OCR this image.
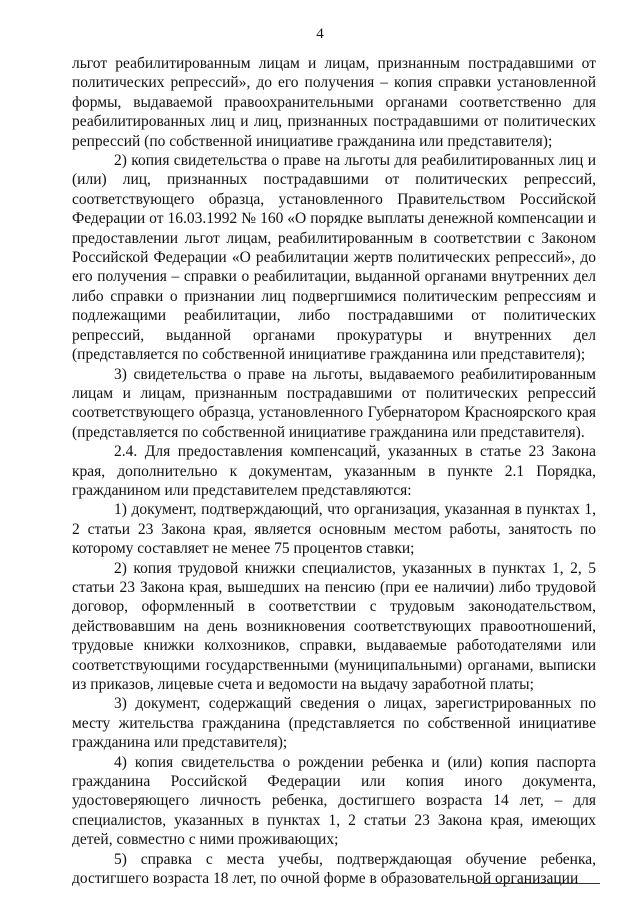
4

льгот реабилитированным лицам и лицам, признанным пострадавшими от политических репрессий», до его получения – копия справки установленной формы, выдаваемой правоохранительными органами соответственно для реабилитированных лиц и лиц, признанных пострадавшими от политических репрессий (по собственной инициативе гражданина или представителя);

2) копия свидетельства о праве на льготы для реабилитированных лиц и (или) лиц, признанных пострадавшими от политических репрессий, соответствующего образца, установленного Правительством Российской Федерации от 16.03.1992 № 160 «О порядке выплаты денежной компенсации и предоставлении льгот лицам, реабилитированным в соответствии с Законом Российской Федерации «О реабилитации жертв политических репрессий», до его получения – справки о реабилитации, выданной органами внутренних дел либо справки о признании лиц подвергшимися политическим репрессиям и подлежащими реабилитации, либо пострадавшими от политических репрессий, выданной органами прокуратуры и внутренних дел (представляется по собственной инициативе гражданина или представителя);

3) свидетельства о праве на льготы, выдаваемого реабилитированным лицам и лицам, признанным пострадавшими от политических репрессий соответствующего образца, установленного Губернатором Красноярского края (представляется по собственной инициативе гражданина или представителя).

2.4. Для предоставления компенсаций, указанных в статье 23 Закона края, дополнительно к документам, указанным в пункте 2.1 Порядка, гражданином или представителем представляются:

1) документ, подтверждающий, что организация, указанная в пунктах 1, 2 статьи 23 Закона края, является основным местом работы, занятость по которому составляет не менее 75 процентов ставки;

2) копия трудовой книжки специалистов, указанных в пунктах 1, 2, 5 статьи 23 Закона края, вышедших на пенсию (при ее наличии) либо трудовой договор, оформленный в соответствии с трудовым законодательством, действовавшим на день возникновения соответствующих правоотношений, трудовые книжки колхозников, справки, выдаваемые работодателями или соответствующими государственными (муниципальными) органами, выписки из приказов, лицевые счета и ведомости на выдачу заработной платы;

3) документ, содержащий сведения о лицах, зарегистрированных по месту жительства гражданина (представляется по собственной инициативе гражданина или представителя);

4) копия свидетельства о рождении ребенка и (или) копия паспорта гражданина Российской Федерации или копия иного документа, удостоверяющего личность ребенка, достигшего возраста 14 лет, – для специалистов, указанных в пунктах 1, 2 статьи 23 Закона края, имеющих детей, совместно с ними проживающих;

5) справка с места учебы, подтверждающая обучение ребенка, достигшего возраста 18 лет, по очной форме в образовательной организации
